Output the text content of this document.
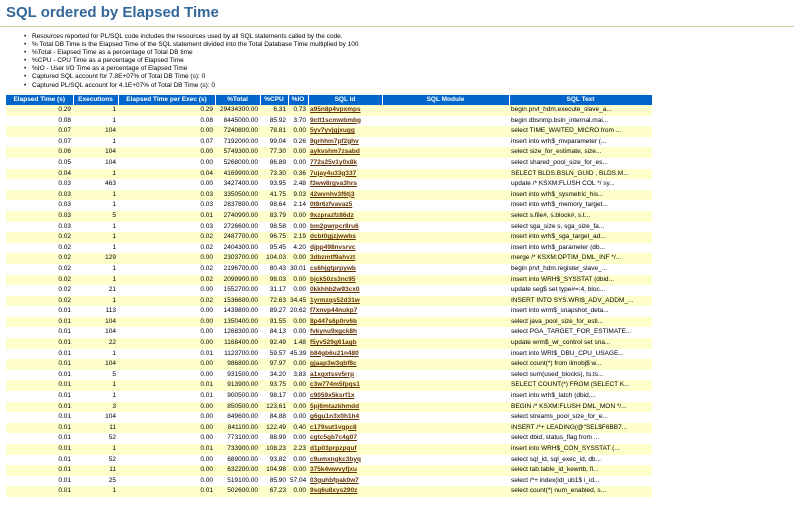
SQL ordered by Elapsed Time
• Resources reported for PL/SQL code includes the resources used by all SQL statements called by the code.
• % Total DB Time is the Elapsed Time of the SQL statement divided into the Total Database Time multiplied by 100
• %Total - Elapsed Time as a percentage of Total DB time
• %CPU - CPU Time as a percentage of Elapsed Time
• %IO - User I/O Time as a percentage of Elapsed Time
• Captured SQL account for 7.8E+07% of Total DB Time (s): 0
• Captured PL/SQL account for 4.1E+07% of Total DB Time (s): 0
Elapsed Time (s)	Executions	Elapsed Time per Exec (s)	%Total	%CPU	%IO	SQL Id	SQL Module	SQL Text
0.29	1	0.29	29434300.00	6.31	0.73	a95n8p4vpxmps		begin prvt_hdm.execute_slave_a...
0.08	1	0.08	8445000.00	85.92	3.70	9ctt1scmwbmbg		begin dbsnmp.bsln_internal.mai...
0.07	104	0.00	7240800.00	78.81	0.00	5yv7yvjgjxugg		select TIME_WAITED_MICRO from ...
0.07	1	0.07	7192000.00	99.04	0.26	9grhhm7pf2ghv		insert into wrh$_mvparameter (...
0.06	104	0.00	5749300.00	77.30	0.00	aykvshm7zsabd		select size_for_estimate, size...
0.05	104	0.00	5268000.00	86.89	0.00	772s25v1y0x8k		select shared_pool_size_for_es...
0.04	1	0.04	4169900.00	73.30	0.36	7ujay4u33g337		SELECT BLDS.BSLN_GUID , BLDS.M...
0.03	463	0.00	3427400.00	93.95	2.48	f3ww8rgva3hrs		update /* KSXM:FLUSH COL */ sy...
0.03	1	0.03	3350500.00	41.75	9.03	42wvnhv3f6tj3		insert into wrh$_sysmetric_his...
0.03	1	0.03	2837800.00	98.64	2.14	0t8r6zfvavaz5		insert into wrh$_memory_target...
0.03	5	0.01	2740900.00	83.79	0.00	9xzprazfz86dz		select s.file#, s.block#, s.t...
0.03	1	0.03	2726600.00	98.58	0.00	bm2pwrpcr8ru6		select sga_size s, sga_size_fa...
0.02	1	0.02	2487700.00	96.75	2.19	dcbt0gjzjwwbs		insert into wrh$_sga_target_ad...
0.02	1	0.02	2404300.00	95.45	4.20	djpp498nvsrvc		insert into wrh$_parameter (db...
0.02	129	0.00	2303700.00	104.03	0.00	3dbzmtf9ahvzt		merge /* KSXM:OPTIM_DML_INF */...
0.02	1	0.02	2196700.00	80.43	30.01	cs6hjgtprpywb		begin prvt_hdm.register_slave_...
0.02	1	0.02	2099900.00	98.03	0.00	bjck50zs3nc95		insert into WRH$_SYSSTAT (dbid...
0.02	21	0.00	1552700.00	31.17	0.00	0kkhhb2w93cx0		update seg$ set type#=:4, bloc...
0.02	1	0.02	1536600.00	72.63	34.45	1yrmzqs52d31w		INSERT INTO SYS.WRI$_ADV_ADDM_...
0.01	113	0.00	1439800.00	89.27	20.62	f7xnvp44nukp7		insert into wrm$_snapshot_deta...
0.01	104	0.00	1350400.00	91.55	0.00	8p447s6p0rv6b		select java_pool_size_for_esti...
0.01	104	0.00	1268300.00	84.13	0.00	fvkynu9xgck8h		select PGA_TARGET_FOR_ESTIMATE...
0.01	22	0.00	1168400.00	92.49	1.48	f5yv529g61agb		update wrm$_wr_control set sna...
0.01	1	0.01	1123700.00	59.57	45.39	b84gb6u21n480		insert into WRI$_DBU_CPU_USAGE...
0.01	104	0.00	986800.00	97.97	0.00	gjaap3w3qbf8c		select count(*) from ilmobj$ w...
0.01	5	0.00	931500.00	34.20	3.83	a1xgxtssv5rrp		select sum(used_blocks), ts.ts...
0.01	1	0.01	913900.00	93.75	0.00	c3w774m5fpqs1		SELECT COUNT(*) FROM (SELECT K...
0.01	1	0.01	900500.00	98.17	0.00	c9059x5ksrf1x		insert into wrh$_latch (dbid,...
0.01	3	0.00	850500.00	123.61	0.00	5pj6mtazkhmdd		BEGIN /* KSXM:FLUSH DML_MON */...
0.01	104	0.00	849600.00	84.88	0.00	g6gu1n3x0h1h4		select streams_pool_size_for_e...
0.01	11	0.00	841100.00	122.49	0.40	c179sut1vgpc8		INSERT /*+ LEADING(@"SEL$F6BB7...
0.01	52	0.00	773100.00	88.99	0.00	cgtc5gb7c4g07		select dbid, status_flag from ...
0.01	1	0.01	733900.00	108.23	2.23	d1p03prpzpquf		insert into WRH$_CON_SYSSTAT (...
0.01	52	0.00	689000.00	93.82	0.00	c9umxngkc3byq		select sql_id, sql_exec_id, db...
0.01	11	0.00	632200.00	104.98	0.00	375k4wwvyfjxu		select tab.table_id_kewrtb, fl...
0.01	25	0.00	519100.00	85.90	57.04	03guhbfpak0w7		select /*+ index(idl_ub1$ i_id...
0.01	1	0.01	502600.00	67.23	0.00	9sq6u8xys290z		select count(*) num_enabled, s...
